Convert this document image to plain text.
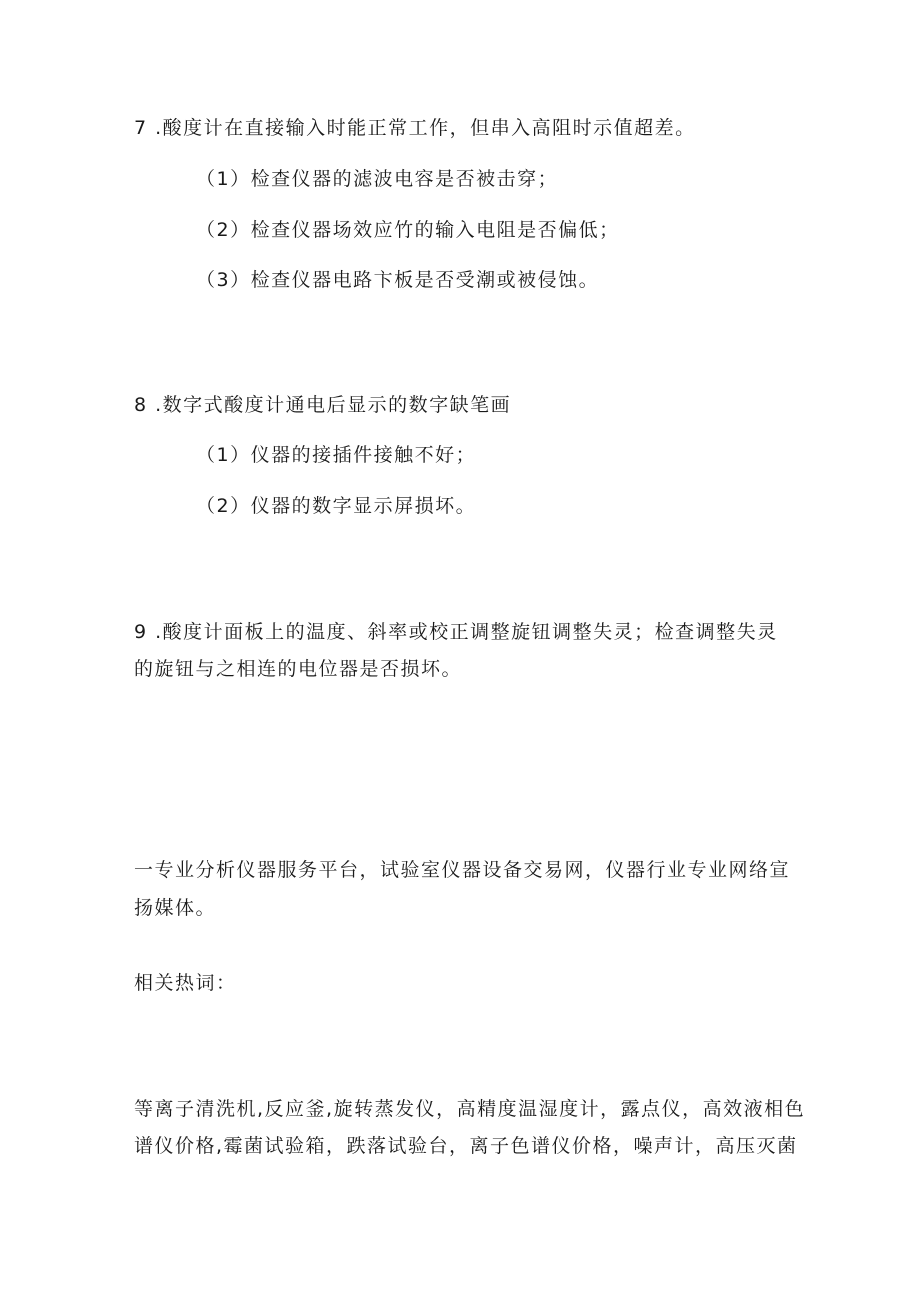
7 .酸度计在直接输入时能正常工作，但串入高阻时示值超差。
（1）检查仪器的滤波电容是否被击穿；
（2）检查仪器场效应竹的输入电阻是否偏低；
（3）检查仪器电路卞板是否受潮或被侵蚀。
8 .数字式酸度计通电后显示的数字缺笔画
（1）仪器的接插件接触不好；
（2）仪器的数字显示屏损坏。
9 .酸度计面板上的温度、斜率或校正调整旋钮调整失灵；检查调整失灵
的旋钮与之相连的电位器是否损坏。
一专业分析仪器服务平台，试验室仪器设备交易网，仪器行业专业网络宣
扬媒体。
相关热词：
等离子清洗机,反应釜,旋转蒸发仪，高精度温湿度计，露点仪，高效液相色
谱仪价格,霉菌试验箱，跌落试验台，离子色谱仪价格，噪声计，高压灭菌
